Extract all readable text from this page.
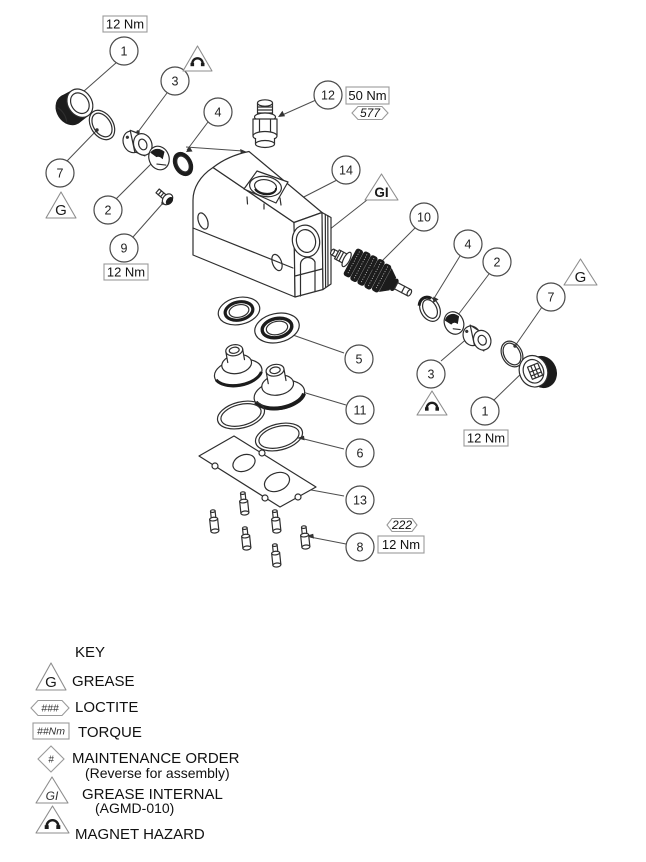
1
3
4
7
2
9
12
14
10
4
2
7
3
1
5
11
6
13
8
12 Nm
12 Nm
50 Nm
12 Nm
12 Nm
577
222
G
GI
G
KEY
G GREASE
### LOCTITE
##Nm TORQUE
# MAINTENANCE ORDER
(Reverse for assembly)
GI GREASE INTERNAL
(AGMD-010)
MAGNET HAZARD
